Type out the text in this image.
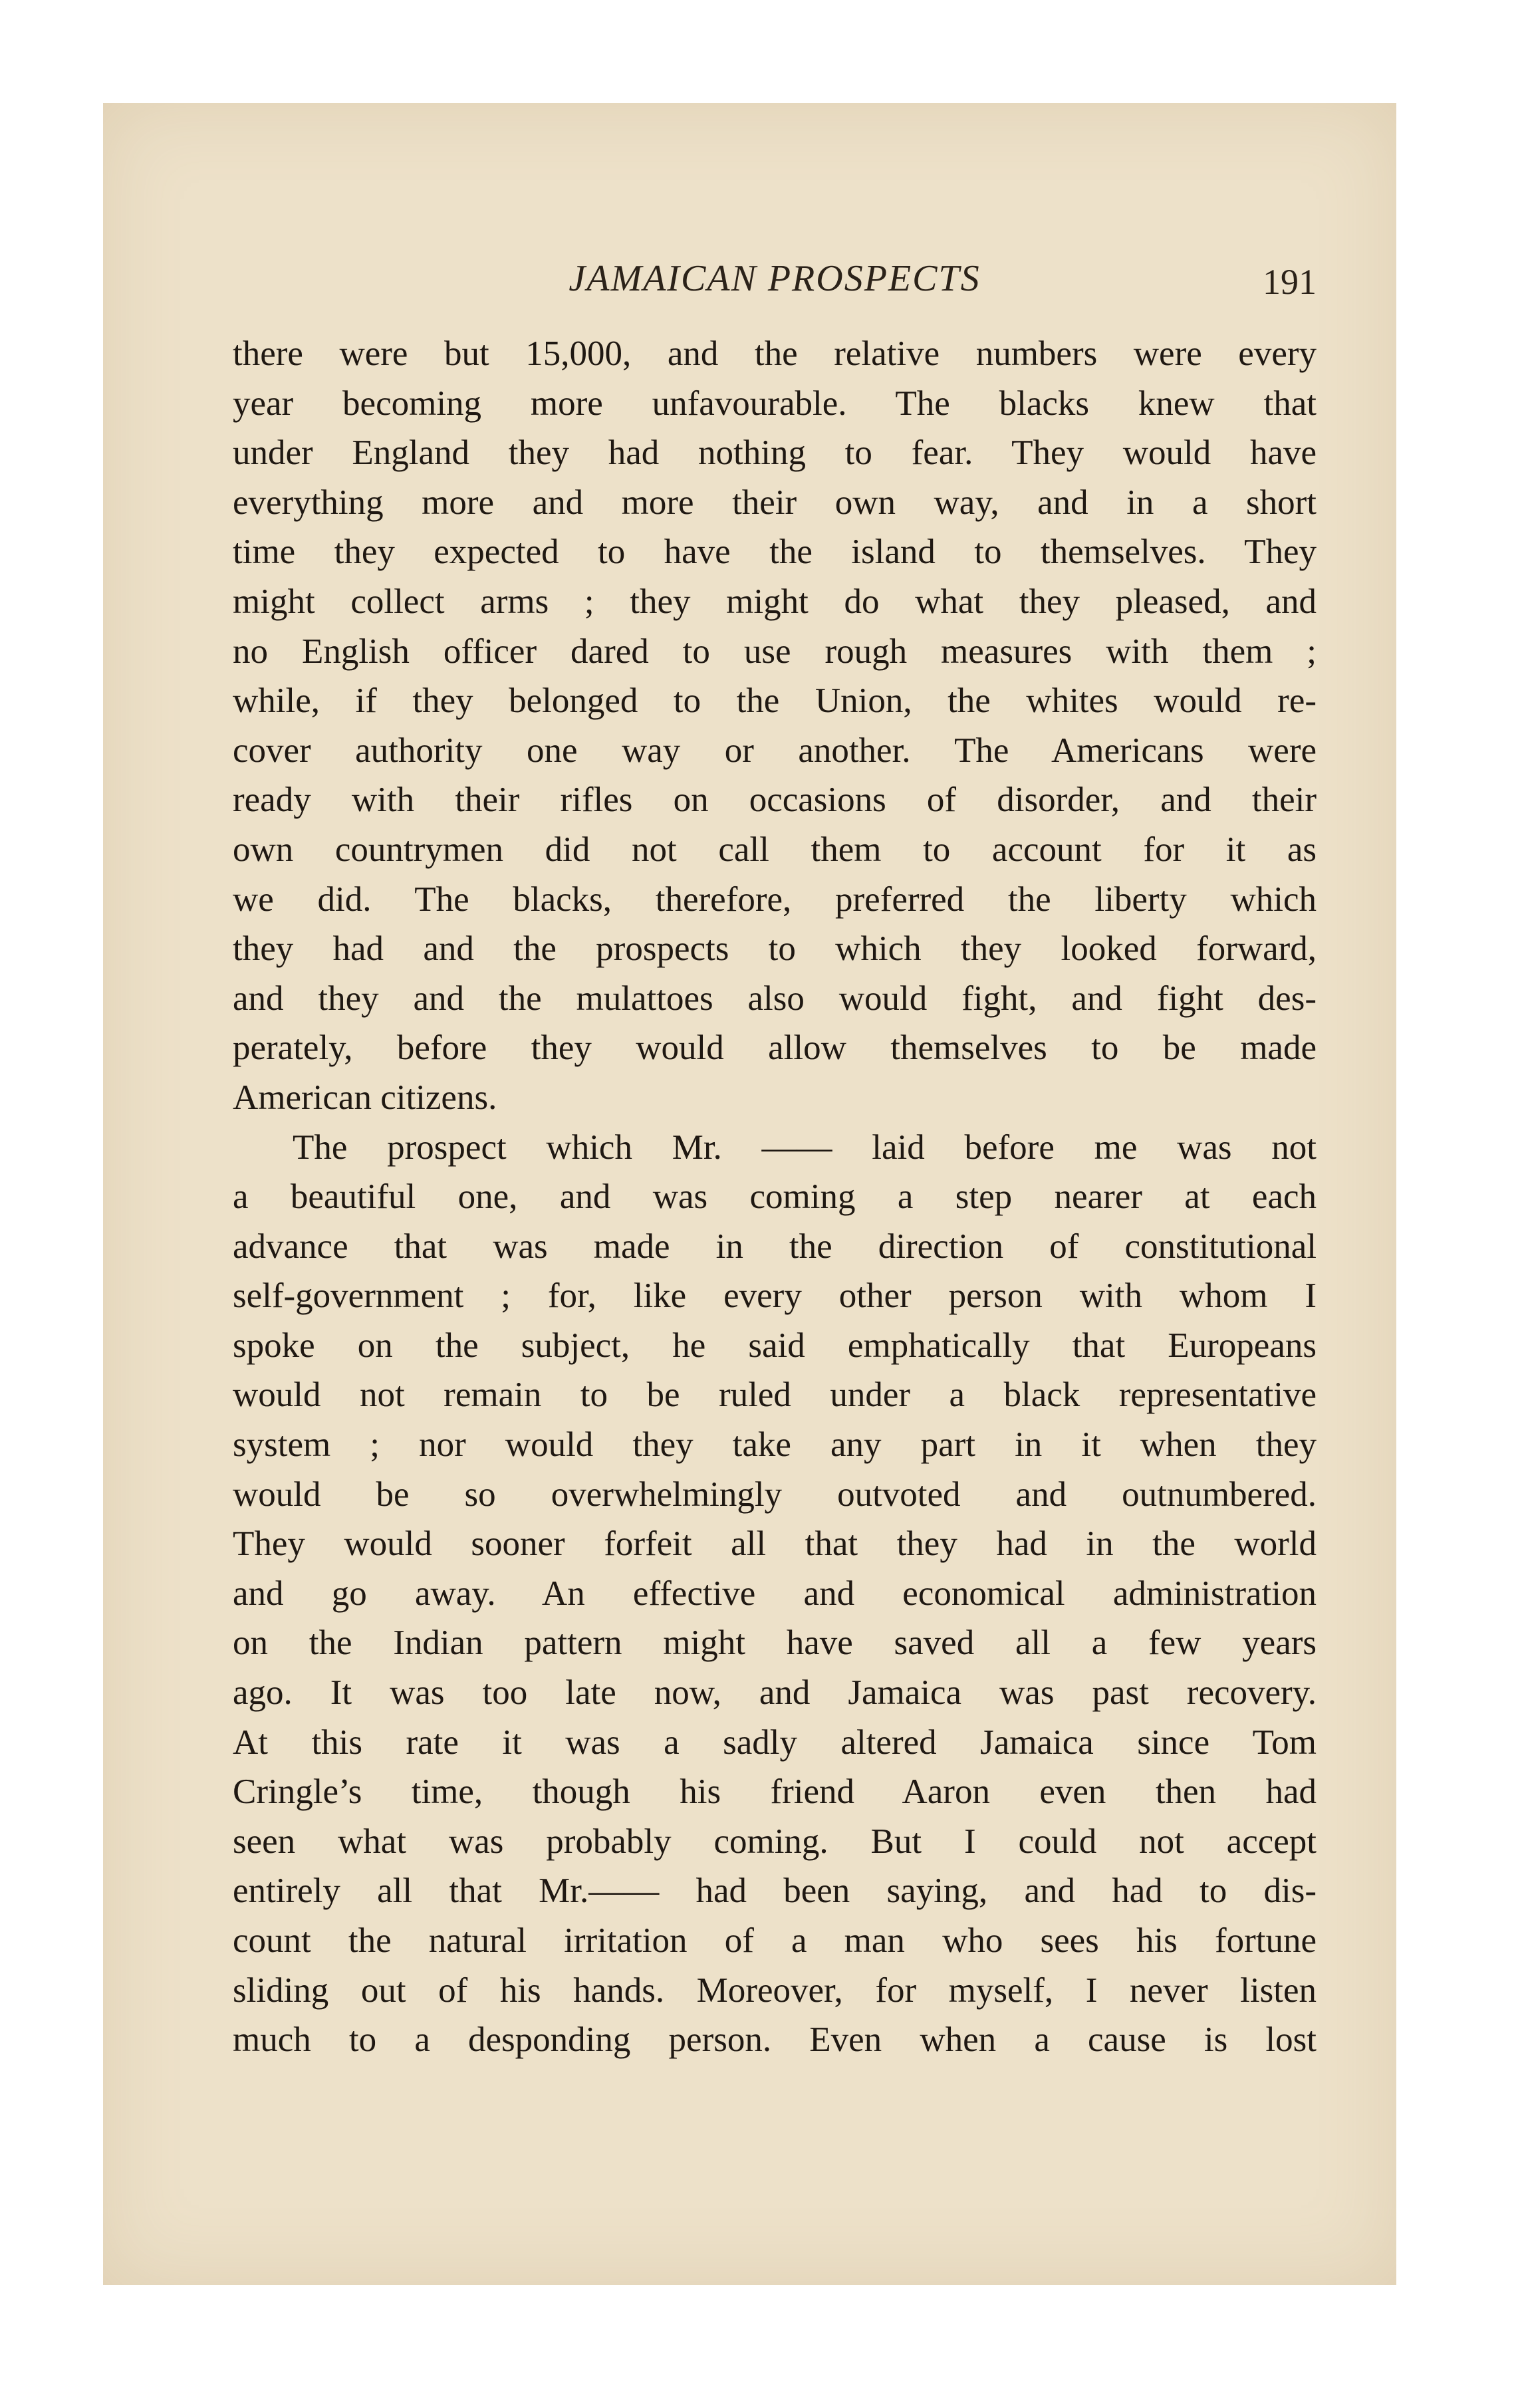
JAMAICAN PROSPECTS	191
there were but 15,000, and the relative numbers were every
year becoming more unfavourable. The blacks knew that
under England they had nothing to fear. They would have
everything more and more their own way, and in a short
time they expected to have the island to themselves. They
might collect arms ; they might do what they pleased, and
no English officer dared to use rough measures with them ;
while, if they belonged to the Union, the whites would re-
cover authority one way or another. The Americans were
ready with their rifles on occasions of disorder, and their
own countrymen did not call them to account for it as
we did. The blacks, therefore, preferred the liberty which
they had and the prospects to which they looked forward,
and they and the mulattoes also would fight, and fight des-
perately, before they would allow themselves to be made
American citizens.
The prospect which Mr. —— laid before me was not
a beautiful one, and was coming a step nearer at each
advance that was made in the direction of constitutional
self-government ; for, like every other person with whom I
spoke on the subject, he said emphatically that Europeans
would not remain to be ruled under a black representative
system ; nor would they take any part in it when they
would be so overwhelmingly outvoted and outnumbered.
They would sooner forfeit all that they had in the world
and go away. An effective and economical administration
on the Indian pattern might have saved all a few years
ago. It was too late now, and Jamaica was past recovery.
At this rate it was a sadly altered Jamaica since Tom
Cringle’s time, though his friend Aaron even then had
seen what was probably coming. But I could not accept
entirely all that Mr.—— had been saying, and had to dis-
count the natural irritation of a man who sees his fortune
sliding out of his hands. Moreover, for myself, I never listen
much to a desponding person. Even when a cause is lost
